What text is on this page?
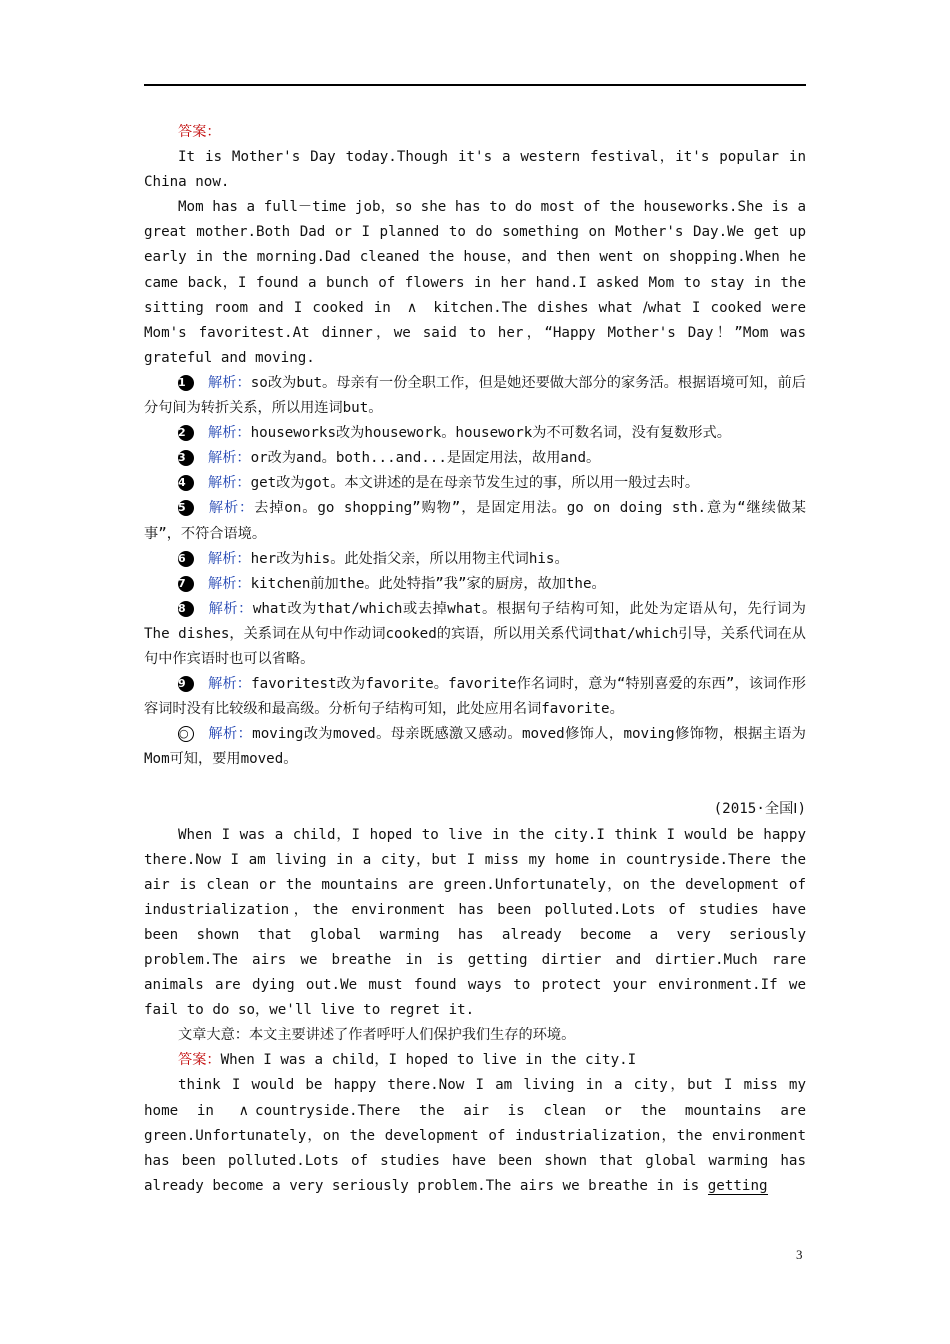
答案：
It is Mother's Day today.Though it's a western festival，it's popular in China now.
Mom has a full－time job，so she has to do most of the houseworks.She is a great mother.Both Dad or I planned to do something on Mother's Day.We get up early in the morning.Dad cleaned the house，and then went on shopping.When he came back，I found a bunch of flowers in her hand.I asked Mom to stay in the sitting room and I cooked in ∧ kitchen.The dishes what /what I cooked were Mom's favoritest.At dinner，we said to her，“Happy Mother's Day！”Mom was grateful and moving.
1 解析：so改为but。母亲有一份全职工作，但是她还要做大部分的家务活。根据语境可知，前后分句间为转折关系，所以用连词but。
2 解析：houseworks改为housework。housework为不可数名词，没有复数形式。
3 解析：or改为and。both...and...是固定用法，故用and。
4 解析：get改为got。本文讲述的是在母亲节发生过的事，所以用一般过去时。
5 解析：去掉on。go shopping”购物”，是固定用法。go on doing sth.意为“继续做某事”，不符合语境。
6 解析：her改为his。此处指父亲，所以用物主代词his。
7 解析：kitchen前加the。此处特指”我”家的厨房，故加the。
8 解析：what改为that/which或去掉what。根据句子结构可知，此处为定语从句，先行词为The dishes，关系词在从句中作动词cooked的宾语，所以用关系代词that/which引导，关系代词在从句中作宾语时也可以省略。
9 解析：favoritest改为favorite。favorite作名词时，意为“特别喜爱的东西”，该词作形容词时没有比较级和最高级。分析句子结构可知，此处应用名词favorite。
○ 解析：moving改为moved。母亲既感激又感动。moved修饰人，moving修饰物，根据主语为Mom可知，要用moved。
(2015·全国Ⅰ)
When I was a child，I hoped to live in the city.I think I would be happy there.Now I am living in a city，but I miss my home in countryside.There the air is clean or the mountains are green.Unfortunately，on the development of industrialization，the environment has been polluted.Lots of studies have been shown that global warming has already become a very seriously problem.The airs we breathe in is getting dirtier and dirtier.Much rare animals are dying out.We must found ways to protect your environment.If we fail to do so，we'll live to regret it.
文章大意：本文主要讲述了作者呼吁人们保护我们生存的环境。
答案：When I was a child，I hoped to live in the city.I
think I would be happy there.Now I am living in a city，but I miss my home in ∧ countryside.There the air is clean or the mountains are green.Unfortunately，on the development of industrialization，the environment has been polluted.Lots of studies have been shown that global warming has already become a very seriously problem.The airs we breathe in is getting
3
